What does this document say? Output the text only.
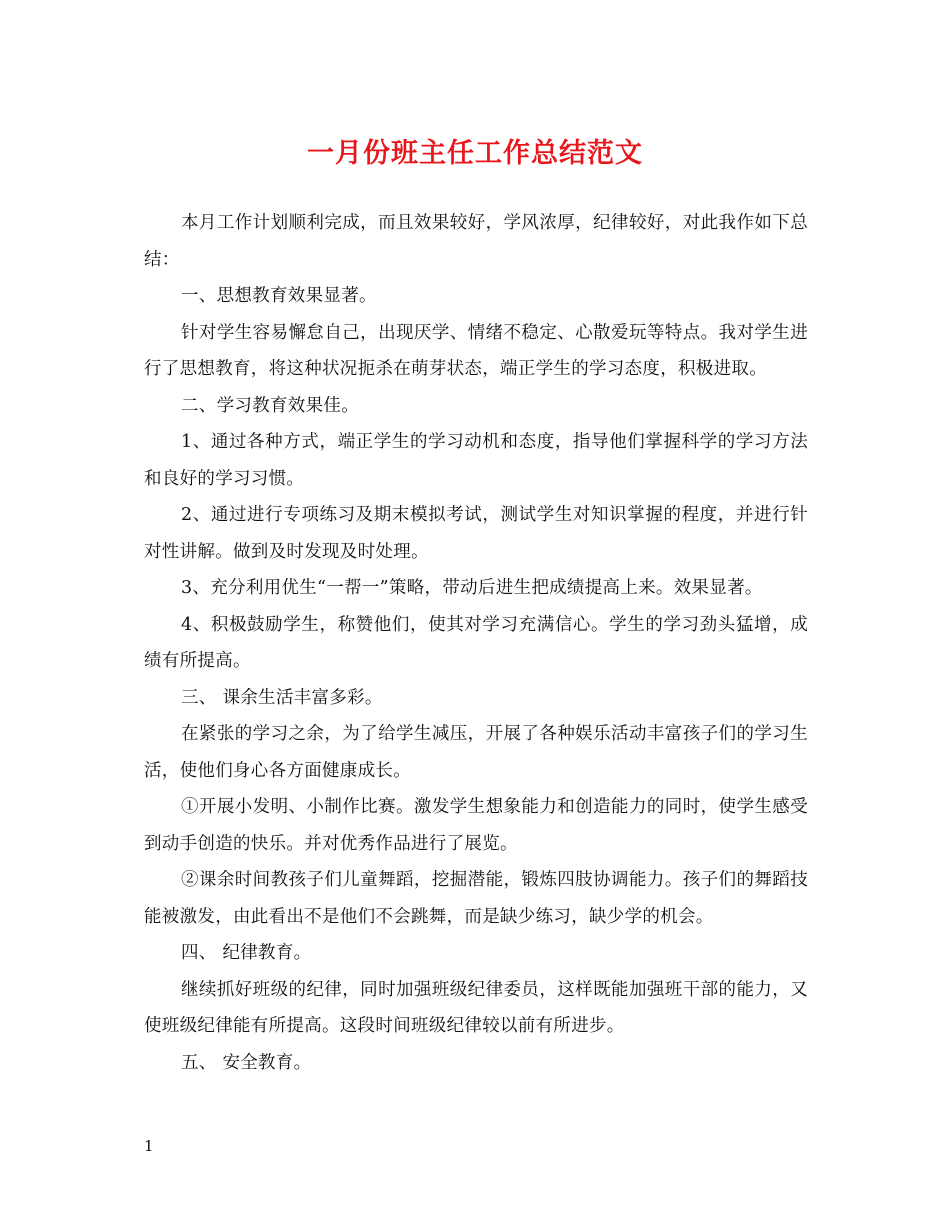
一月份班主任工作总结范文

本月工作计划顺利完成，而且效果较好，学风浓厚，纪律较好，对此我作如下总结：

一、思想教育效果显著。

针对学生容易懈怠自己，出现厌学、情绪不稳定、心散爱玩等特点。我对学生进行了思想教育，将这种状况扼杀在萌芽状态，端正学生的学习态度，积极进取。

二、学习教育效果佳。

1、通过各种方式，端正学生的学习动机和态度，指导他们掌握科学的学习方法和良好的学习习惯。

2、通过进行专项练习及期末模拟考试，测试学生对知识掌握的程度，并进行针对性讲解。做到及时发现及时处理。

3、充分利用优生“一帮一”策略，带动后进生把成绩提高上来。效果显著。

4、积极鼓励学生，称赞他们，使其对学习充满信心。学生的学习劲头猛增，成绩有所提高。

三、 课余生活丰富多彩。

在紧张的学习之余，为了给学生减压，开展了各种娱乐活动丰富孩子们的学习生活，使他们身心各方面健康成长。

①开展小发明、小制作比赛。激发学生想象能力和创造能力的同时，使学生感受到动手创造的快乐。并对优秀作品进行了展览。

②课余时间教孩子们儿童舞蹈，挖掘潜能，锻炼四肢协调能力。孩子们的舞蹈技能被激发，由此看出不是他们不会跳舞，而是缺少练习，缺少学的机会。

四、 纪律教育。

继续抓好班级的纪律，同时加强班级纪律委员，这样既能加强班干部的能力，又使班级纪律能有所提高。这段时间班级纪律较以前有所进步。

五、 安全教育。

1
